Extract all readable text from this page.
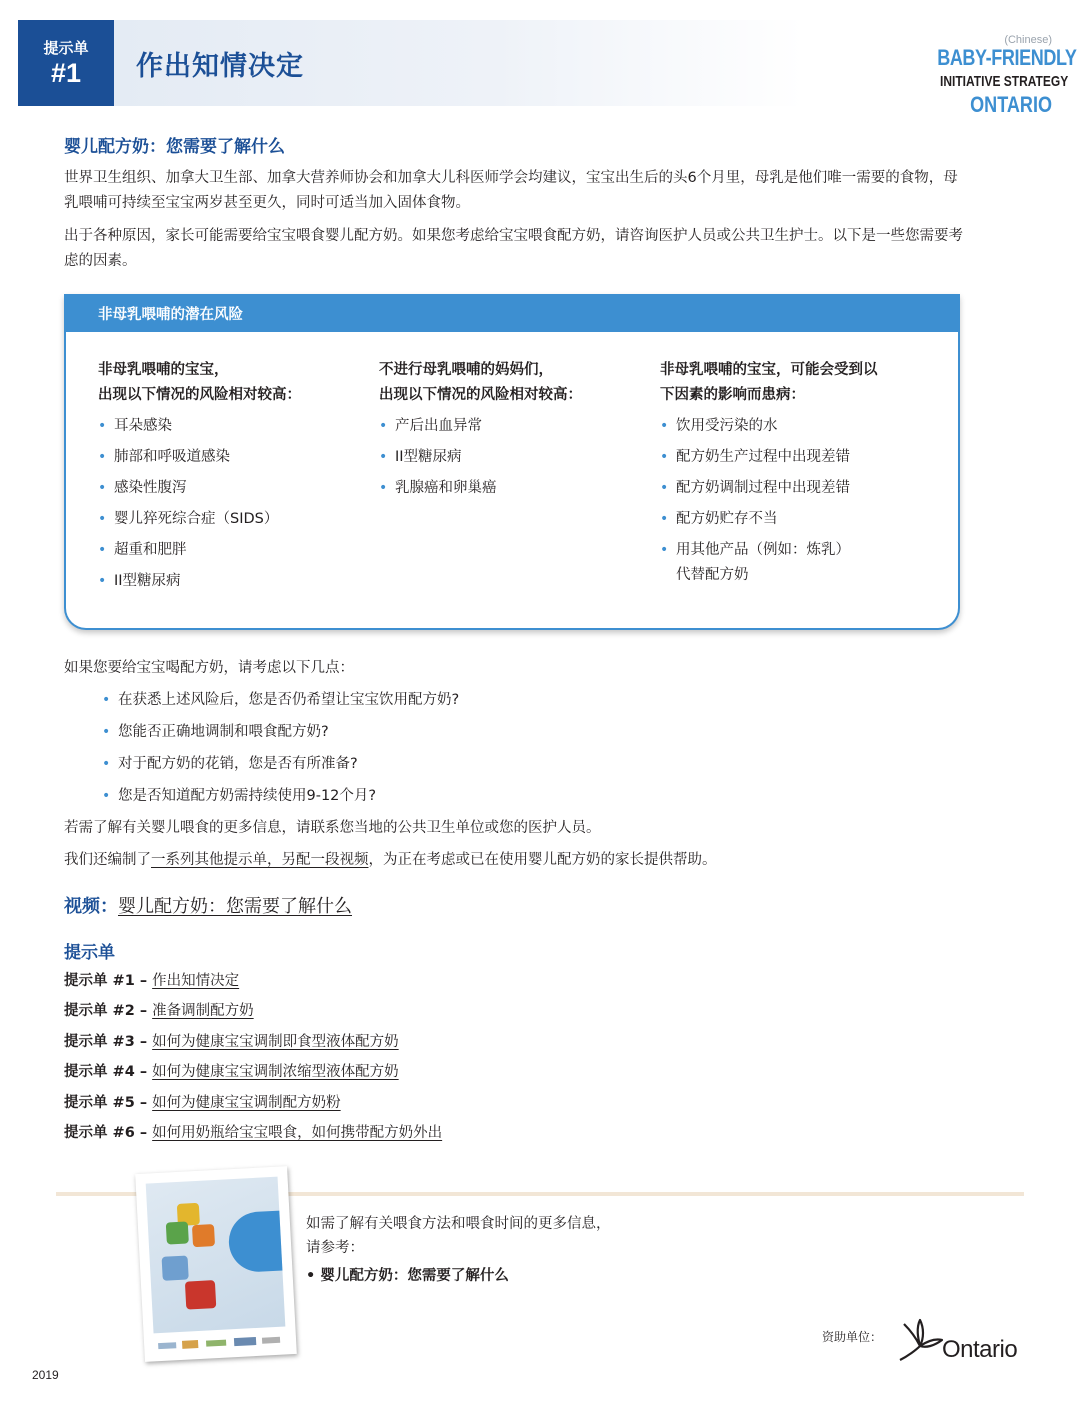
提示单
#1	作出知情决定
(Chinese)
BABY-FRIENDLY
INITIATIVE STRATEGY
ONTARIO
婴儿配方奶：您需要了解什么

世界卫生组织、加拿大卫生部、加拿大营养师协会和加拿大儿科医师学会均建议，宝宝出生后的头6个月里，母乳是他们唯一需要的食物，母乳喂哺可持续至宝宝两岁甚至更久，同时可适当加入固体食物。

出于各种原因，家长可能需要给宝宝喂食婴儿配方奶。如果您考虑给宝宝喂食配方奶，请咨询医护人员或公共卫生护士。以下是一些您需要考虑的因素。

非母乳喂哺的潜在风险
非母乳喂哺的宝宝，
出现以下情况的风险相对较高：
• 耳朵感染
• 肺部和呼吸道感染
• 感染性腹泻
• 婴儿猝死综合症（SIDS）
• 超重和肥胖
• II型糖尿病
不进行母乳喂哺的妈妈们，
出现以下情况的风险相对较高：
• 产后出血异常
• II型糖尿病
• 乳腺癌和卵巢癌
非母乳喂哺的宝宝，可能会受到以
下因素的影响而患病：
• 饮用受污染的水
• 配方奶生产过程中出现差错
• 配方奶调制过程中出现差错
• 配方奶贮存不当
• 用其他产品（例如：炼乳）
代替配方奶

如果您要给宝宝喝配方奶，请考虑以下几点：

• 在获悉上述风险后，您是否仍希望让宝宝饮用配方奶?
• 您能否正确地调制和喂食配方奶?
• 对于配方奶的花销，您是否有所准备?
• 您是否知道配方奶需持续使用9-12个月?

若需了解有关婴儿喂食的更多信息，请联系您当地的公共卫生单位或您的医护人员。

我们还编制了一系列其他提示单，另配一段视频，为正在考虑或已在使用婴儿配方奶的家长提供帮助。

视频：婴儿配方奶：您需要了解什么
提示单
提示单 #1 – 作出知情决定
提示单 #2 – 准备调制配方奶
提示单 #3 – 如何为健康宝宝调制即食型液体配方奶
提示单 #4 – 如何为健康宝宝调制浓缩型液体配方奶
提示单 #5 – 如何为健康宝宝调制配方奶粉
提示单 #6 – 如何用奶瓶给宝宝喂食，如何携带配方奶外出
如需了解有关喂食方法和喂食时间的更多信息，
请参考：
• 婴儿配方奶：您需要了解什么
资助单位： Ontario
2019
